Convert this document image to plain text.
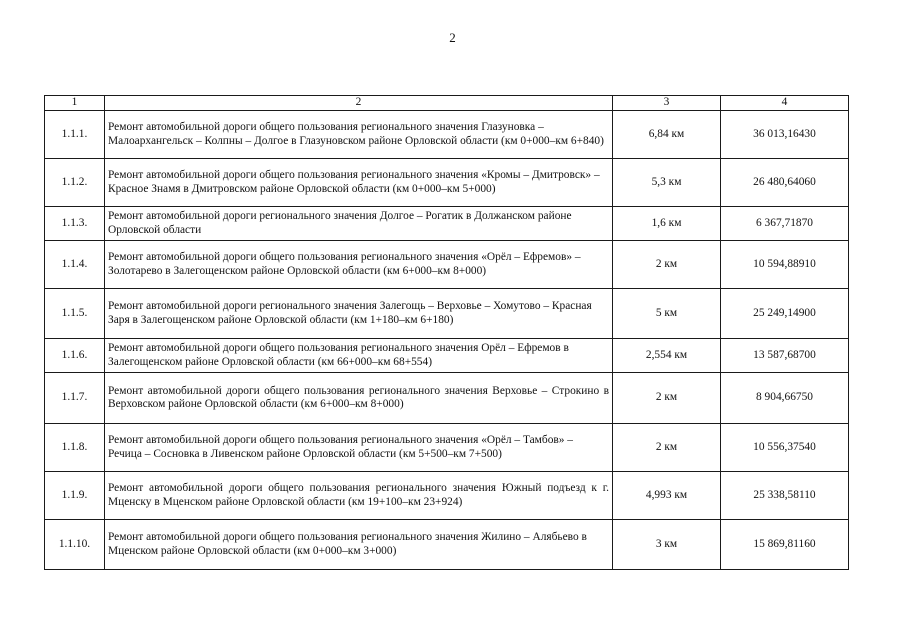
2
1	2	3	4
1.1.1.	Ремонт автомобильной дороги общего пользования регионального значения Глазуновка – Малоархангельск – Колпны – Долгое в Глазуновском районе Орловской области (км 0+000–км 6+840)	6,84 км	36 013,16430
1.1.2.	Ремонт автомобильной дороги общего пользования регионального значения «Кромы – Дмитровск» – Красное Знамя в Дмитровском районе Орловской области (км 0+000–км 5+000)	5,3 км	26 480,64060
1.1.3.	Ремонт автомобильной дороги регионального значения Долгое – Рогатик в Должанском районе Орловской области	1,6 км	6 367,71870
1.1.4.	Ремонт автомобильной дороги общего пользования регионального значения «Орёл – Ефремов» – Золотарево в Залегощенском районе Орловской области (км 6+000–км 8+000)	2 км	10 594,88910
1.1.5.	Ремонт автомобильной дороги регионального значения Залегощь – Верховье – Хомутово – Красная Заря в Залегощенском районе Орловской области (км 1+180–км 6+180)	5 км	25 249,14900
1.1.6.	Ремонт автомобильной дороги общего пользования регионального значения Орёл – Ефремов в Залегощенском районе Орловской области (км 66+000–км 68+554)	2,554 км	13 587,68700
1.1.7.	Ремонт автомобильной дороги общего пользования регионального значения Верховье – Строкино в Верховском районе Орловской области (км 6+000–км 8+000)	2 км	8 904,66750
1.1.8.	Ремонт автомобильной дороги общего пользования регионального значения «Орёл – Тамбов» – Речица – Сосновка в Ливенском районе Орловской области (км 5+500–км 7+500)	2 км	10 556,37540
1.1.9.	Ремонт автомобильной дороги общего пользования регионального значения Южный подъезд к г. Мценску в Мценском районе Орловской области (км 19+100–км 23+924)	4,993 км	25 338,58110
1.1.10.	Ремонт автомобильной дороги общего пользования регионального значения Жилино – Алябьево в Мценском районе Орловской области (км 0+000–км 3+000)	3 км	15 869,81160
